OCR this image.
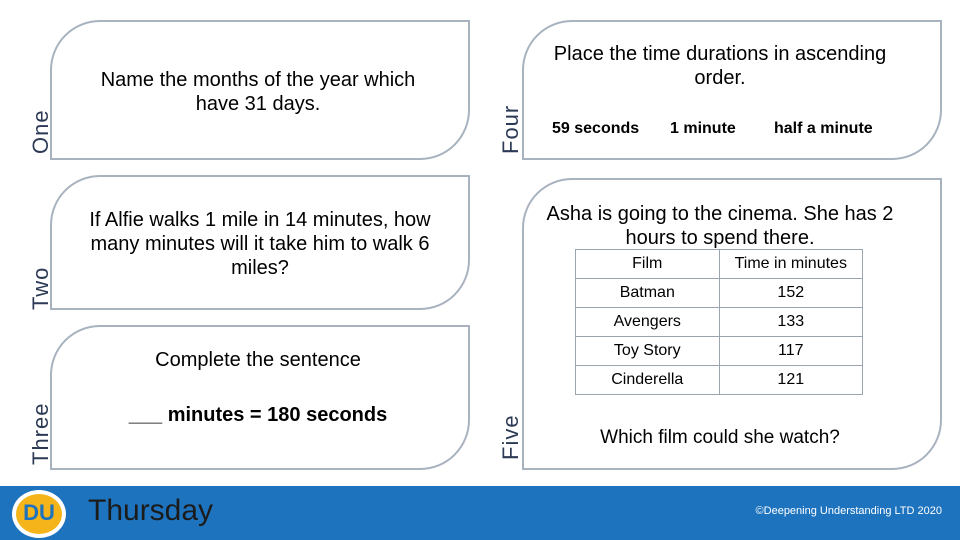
One
Name the months of the year which have 31 days.
Two
If Alfie walks 1 mile in 14 minutes, how many minutes will it take him to walk 6 miles?
Three
Complete the sentence
___ minutes = 180 seconds
Four
Place the time durations in ascending order.
59 seconds 1 minute half a minute
Five
Asha is going to the cinema. She has 2 hours to spend there.
Film	Time in minutes
Batman	152
Avengers	133
Toy Story	117
Cinderella	121
Which film could she watch?
DU Thursday	©Deepening Understanding LTD 2020
